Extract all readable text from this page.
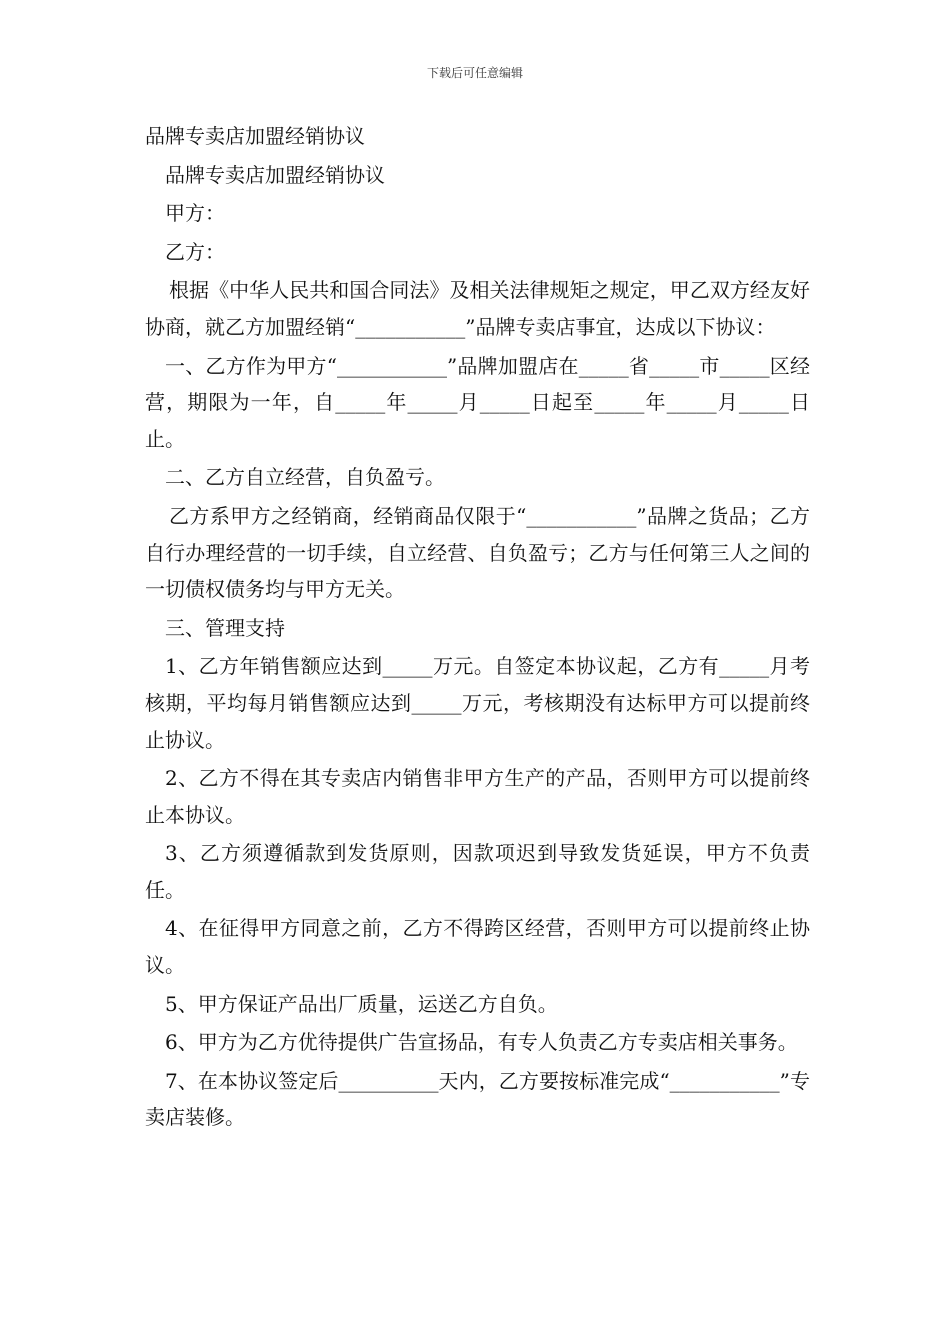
下载后可任意编辑

品牌专卖店加盟经销协议

品牌专卖店加盟经销协议

甲方：

乙方：

根据《中华人民共和国合同法》及相关法律规矩之规定，甲乙双方经友好协商，就乙方加盟经销“___________”品牌专卖店事宜，达成以下协议：

一、乙方作为甲方“___________”品牌加盟店在_____省_____市_____区经营，期限为一年，自_____年_____月_____日起至_____年_____月_____日止。

二、乙方自立经营，自负盈亏。

乙方系甲方之经销商，经销商品仅限于“___________”品牌之货品；乙方自行办理经营的一切手续，自立经营、自负盈亏；乙方与任何第三人之间的一切债权债务均与甲方无关。

三、管理支持

1、乙方年销售额应达到_____万元。自签定本协议起，乙方有_____月考核期，平均每月销售额应达到_____万元，考核期没有达标甲方可以提前终止协议。

2、乙方不得在其专卖店内销售非甲方生产的产品，否则甲方可以提前终止本协议。

3、乙方须遵循款到发货原则，因款项迟到导致发货延误，甲方不负责任。

4、在征得甲方同意之前，乙方不得跨区经营，否则甲方可以提前终止协议。

5、甲方保证产品出厂质量，运送乙方自负。

6、甲方为乙方优待提供广告宣扬品，有专人负责乙方专卖店相关事务。

7、在本协议签定后__________天内，乙方要按标准完成“___________”专卖店装修。
